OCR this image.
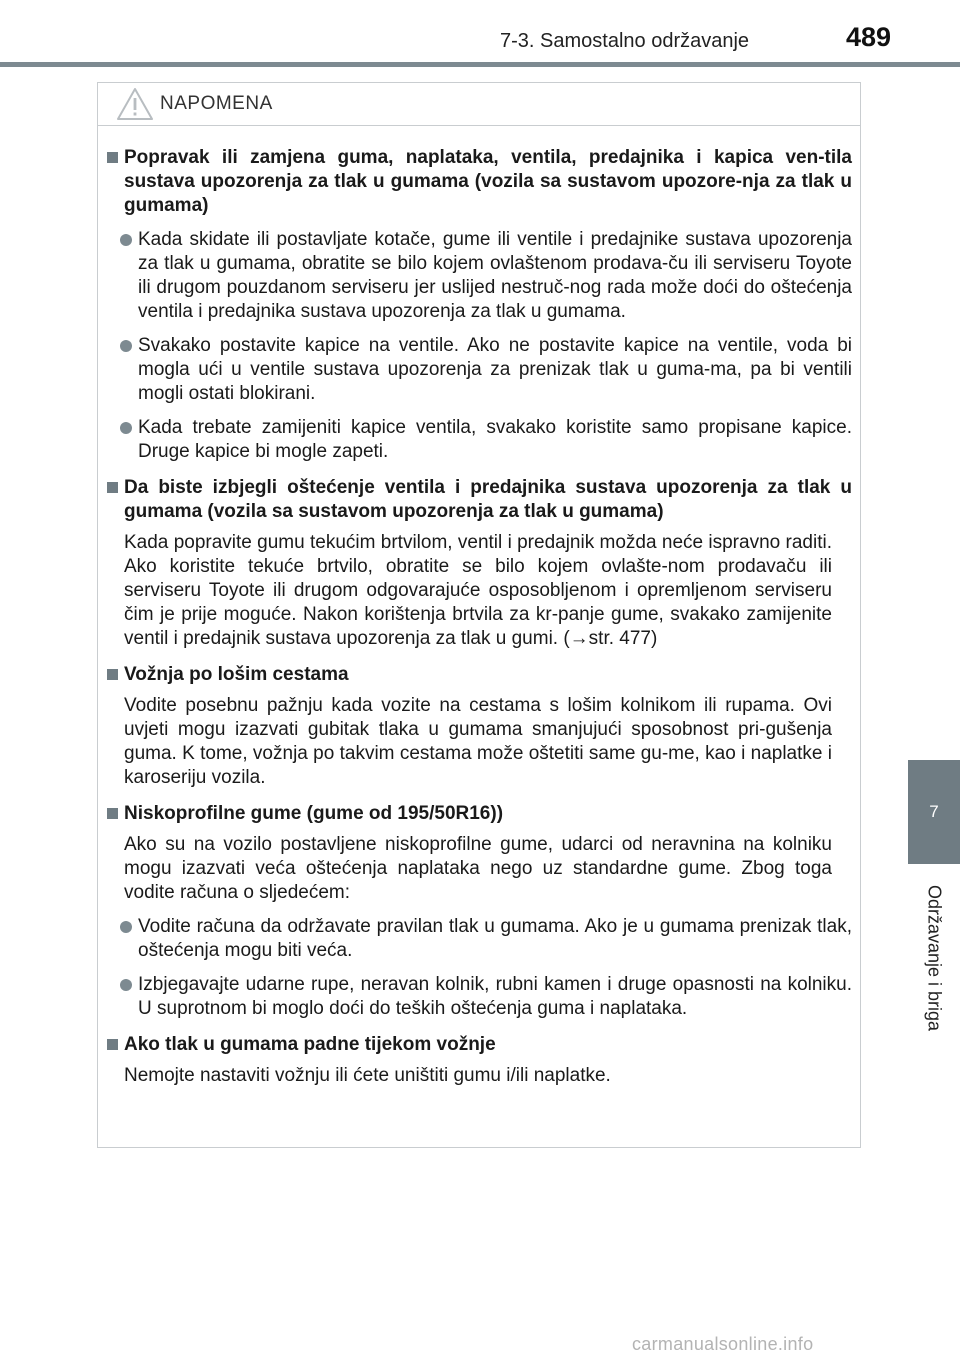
7-3. Samostalno održavanje	489
7
Održavanje i briga
NAPOMENA
Popravak ili zamjena guma, naplataka, ventila, predajnika i kapica ven-tila sustava upozorenja za tlak u gumama (vozila sa sustavom upozore-nja za tlak u gumama)
Kada skidate ili postavljate kotače, gume ili ventile i predajnike sustava upozorenja za tlak u gumama, obratite se bilo kojem ovlaštenom prodava-ču ili serviseru Toyote ili drugom pouzdanom serviseru jer uslijed nestruč-nog rada može doći do oštećenja ventila i predajnika sustava upozorenja za tlak u gumama.
Svakako postavite kapice na ventile. Ako ne postavite kapice na ventile, voda bi mogla ući u ventile sustava upozorenja za prenizak tlak u guma-ma, pa bi ventili mogli ostati blokirani.
Kada trebate zamijeniti kapice ventila, svakako koristite samo propisane kapice. Druge kapice bi mogle zapeti.
Da biste izbjegli oštećenje ventila i predajnika sustava upozorenja za tlak u gumama (vozila sa sustavom upozorenja za tlak u gumama)
Kada popravite gumu tekućim brtvilom, ventil i predajnik možda neće ispravno raditi. Ako koristite tekuće brtvilo, obratite se bilo kojem ovlašte-nom prodavaču ili serviseru Toyote ili drugom odgovarajuće osposobljenom i opremljenom serviseru čim je prije moguće. Nakon korištenja brtvila za kr-panje gume, svakako zamijenite ventil i predajnik sustava upozorenja za tlak u gumi. (→str. 477)
Vožnja po lošim cestama
Vodite posebnu pažnju kada vozite na cestama s lošim kolnikom ili rupama. Ovi uvjeti mogu izazvati gubitak tlaka u gumama smanjujući sposobnost pri-gušenja guma. K tome, vožnja po takvim cestama može oštetiti same gu-me, kao i naplatke i karoseriju vozila.
Niskoprofilne gume (gume od 195/50R16))
Ako su na vozilo postavljene niskoprofilne gume, udarci od neravnina na kolniku mogu izazvati veća oštećenja naplataka nego uz standardne gume. Zbog toga vodite računa o sljedećem:
Vodite računa da održavate pravilan tlak u gumama. Ako je u gumama prenizak tlak, oštećenja mogu biti veća.
Izbjegavajte udarne rupe, neravan kolnik, rubni kamen i druge opasnosti na kolniku. U suprotnom bi moglo doći do teških oštećenja guma i naplataka.
Ako tlak u gumama padne tijekom vožnje
Nemojte nastaviti vožnju ili ćete uništiti gumu i/ili naplatke.
carmanualsonline.info
